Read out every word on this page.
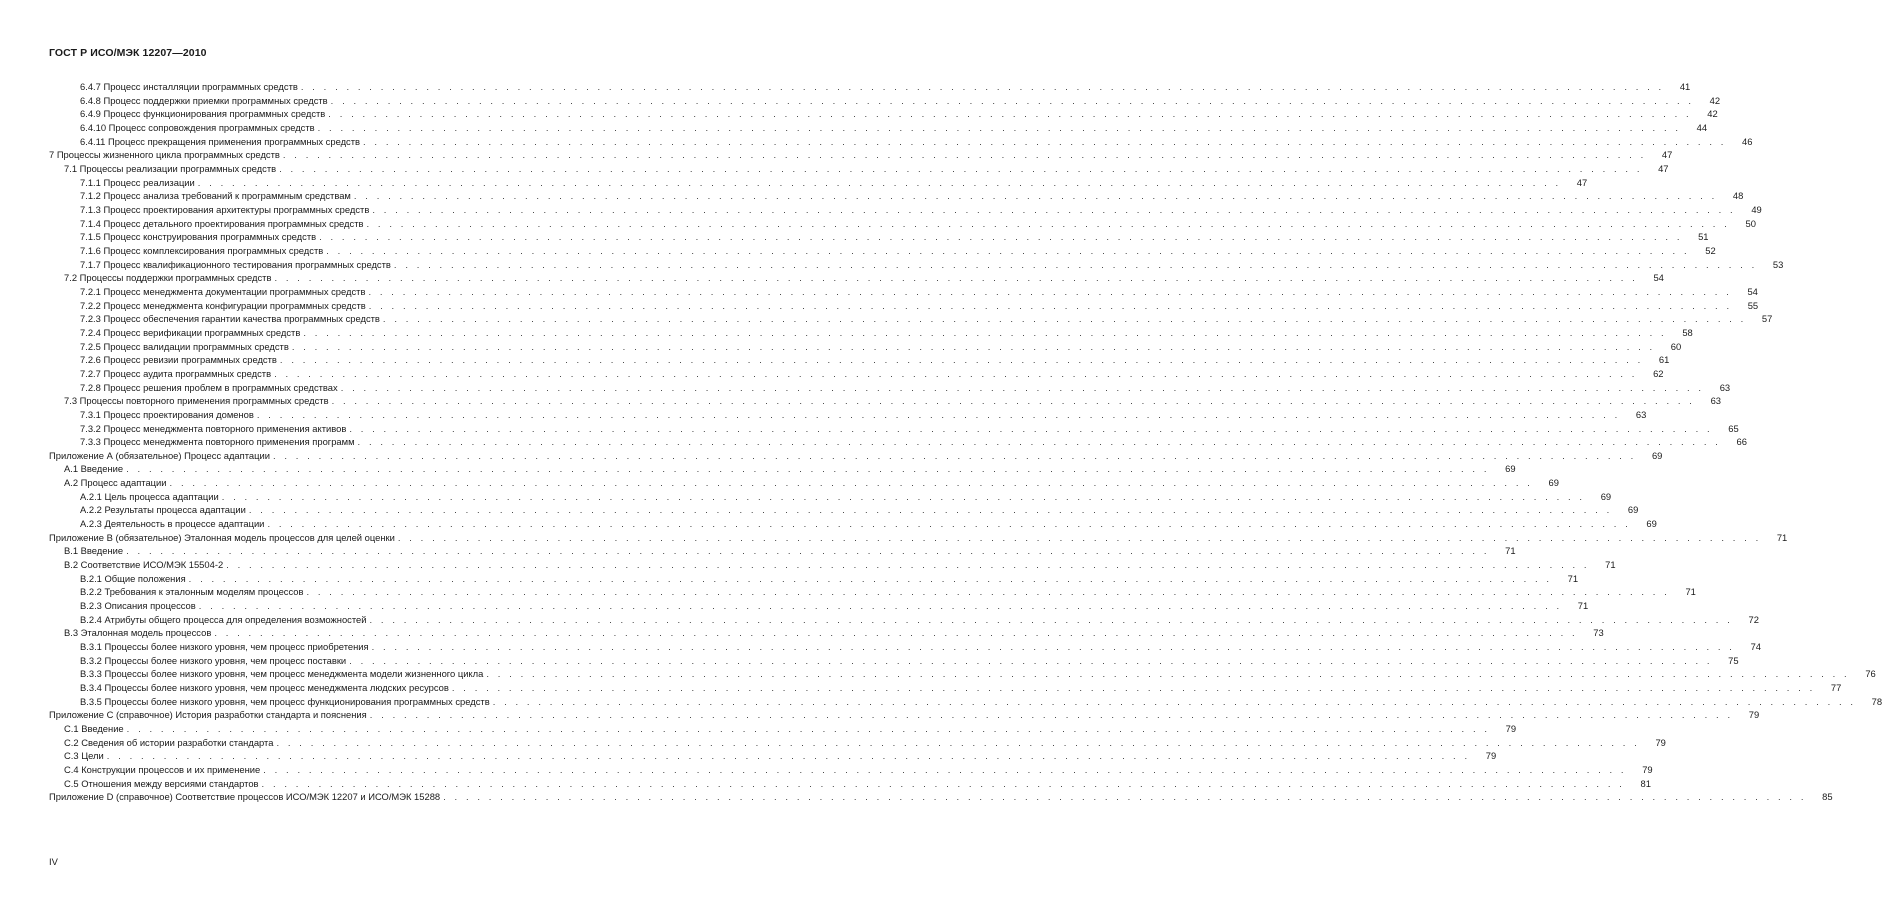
ГОСТ Р ИСО/МЭК 12207—2010
6.4.7 Процесс инсталляции программных средств . . . . . . . . . . . . . . . . . . . . . . . . . . . . . . . . . . . . . . . . . . . . . . . . . . . . . . . . . . . . . . . . . . . . . . . . . . . . . . . . . . . . . . . . . . . . . . . . . . . . . . . . . . . . . . . . . . . . . . . .	41
6.4.8 Процесс поддержки приемки программных средств . . . . . . . . . . . . . . . . . . . . . . . . . . . . . . . . . . . . . . . . . . . . . . . . . . . . . . . . . . . . . . . . . . . . . . . . . . . . . . . . . . . . . . . . . . . . . . . . . . . . . . . . . . . . . . . . . . . . . . . .	42
6.4.9 Процесс функционирования программных средств . . . . . . . . . . . . . . . . . . . . . . . . . . . . . . . . . . . . . . . . . . . . . . . . . . . . . . . . . . . . . . . . . . . . . . . . . . . . . . . . . . . . . . . . . . . . . . . . . . . . . . . . . . . . . . . . . . . . . . . .	42
6.4.10 Процесс сопровождения программных средств . . . . . . . . . . . . . . . . . . . . . . . . . . . . . . . . . . . . . . . . . . . . . . . . . . . . . . . . . . . . . . . . . . . . . . . . . . . . . . . . . . . . . . . . . . . . . . . . . . . . . . . . . . . . . . . . . . . . . . . .	44
6.4.11 Процесс прекращения применения программных средств . . . . . . . . . . . . . . . . . . . . . . . . . . . . . . . . . . . . . . . . . . . . . . . . . . . . . . . . . . . . . . . . . . . . . . . . . . . . . . . . . . . . . . . . . . . . . . . . . . . . . . . . . . . . . . . . . . . . . . . .	46
7 Процессы жизненного цикла программных средств . . . . . . . . . . . . . . . . . . . . . . . . . . . . . . . . . . . . . . . . . . . . . . . . . . . . . . . . . . . . . . . . . . . . . . . . . . . . . . . . . . . . . . . . . . . . . . . . . . . . . . . . . . . . . . . . . . . . . . . .	47
7.1 Процессы реализации программных средств . . . . . . . . . . . . . . . . . . . . . . . . . . . . . . . . . . . . . . . . . . . . . . . . . . . . . . . . . . . . . . . . . . . . . . . . . . . . . . . . . . . . . . . . . . . . . . . . . . . . . . . . . . . . . . . . . . . . . . . .	47
7.1.1 Процесс реализации . . . . . . . . . . . . . . . . . . . . . . . . . . . . . . . . . . . . . . . . . . . . . . . . . . . . . . . . . . . . . . . . . . . . . . . . . . . . . . . . . . . . . . . . . . . . . . . . . . . . . . . . . . . . . . . . . . . . . . . .	47
7.1.2 Процесс анализа требований к программным средствам . . . . . . . . . . . . . . . . . . . . . . . . . . . . . . . . . . . . . . . . . . . . . . . . . . . . . . . . . . . . . . . . . . . . . . . . . . . . . . . . . . . . . . . . . . . . . . . . . . . . . . . . . . . . . . . . . . . . . . . .	48
7.1.3 Процесс проектирования архитектуры программных средств . . . . . . . . . . . . . . . . . . . . . . . . . . . . . . . . . . . . . . . . . . . . . . . . . . . . . . . . . . . . . . . . . . . . . . . . . . . . . . . . . . . . . . . . . . . . . . . . . . . . . . . . . . . . . . . . . . . . . . . .	49
7.1.4 Процесс детального проектирования программных средств . . . . . . . . . . . . . . . . . . . . . . . . . . . . . . . . . . . . . . . . . . . . . . . . . . . . . . . . . . . . . . . . . . . . . . . . . . . . . . . . . . . . . . . . . . . . . . . . . . . . . . . . . . . . . . . . . . . . . . . .	50
7.1.5 Процесс конструирования программных средств . . . . . . . . . . . . . . . . . . . . . . . . . . . . . . . . . . . . . . . . . . . . . . . . . . . . . . . . . . . . . . . . . . . . . . . . . . . . . . . . . . . . . . . . . . . . . . . . . . . . . . . . . . . . . . . . . . . . . . . .	51
7.1.6 Процесс комплексирования программных средств . . . . . . . . . . . . . . . . . . . . . . . . . . . . . . . . . . . . . . . . . . . . . . . . . . . . . . . . . . . . . . . . . . . . . . . . . . . . . . . . . . . . . . . . . . . . . . . . . . . . . . . . . . . . . . . . . . . . . . . .	52
7.1.7 Процесс квалификационного тестирования программных средств . . . . . . . . . . . . . . . . . . . . . . . . . . . . . . . . . . . . . . . . . . . . . . . . . . . . . . . . . . . . . . . . . . . . . . . . . . . . . . . . . . . . . . . . . . . . . . . . . . . . . . . . . . . . . . . . . . . . . . . .	53
7.2 Процессы поддержки программных средств . . . . . . . . . . . . . . . . . . . . . . . . . . . . . . . . . . . . . . . . . . . . . . . . . . . . . . . . . . . . . . . . . . . . . . . . . . . . . . . . . . . . . . . . . . . . . . . . . . . . . . . . . . . . . . . . . . . . . . . .	54
7.2.1 Процесс менеджмента документации программных средств . . . . . . . . . . . . . . . . . . . . . . . . . . . . . . . . . . . . . . . . . . . . . . . . . . . . . . . . . . . . . . . . . . . . . . . . . . . . . . . . . . . . . . . . . . . . . . . . . . . . . . . . . . . . . . . . . . . . . . . .	54
7.2.2 Процесс менеджмента конфигурации программных средств . . . . . . . . . . . . . . . . . . . . . . . . . . . . . . . . . . . . . . . . . . . . . . . . . . . . . . . . . . . . . . . . . . . . . . . . . . . . . . . . . . . . . . . . . . . . . . . . . . . . . . . . . . . . . . . . . . . . . . . .	55
7.2.3 Процесс обеспечения гарантии качества программных средств . . . . . . . . . . . . . . . . . . . . . . . . . . . . . . . . . . . . . . . . . . . . . . . . . . . . . . . . . . . . . . . . . . . . . . . . . . . . . . . . . . . . . . . . . . . . . . . . . . . . . . . . . . . . . . . . . . . . . . . .	57
7.2.4 Процесс верификации программных средств . . . . . . . . . . . . . . . . . . . . . . . . . . . . . . . . . . . . . . . . . . . . . . . . . . . . . . . . . . . . . . . . . . . . . . . . . . . . . . . . . . . . . . . . . . . . . . . . . . . . . . . . . . . . . . . . . . . . . . . .	58
7.2.5 Процесс валидации программных средств . . . . . . . . . . . . . . . . . . . . . . . . . . . . . . . . . . . . . . . . . . . . . . . . . . . . . . . . . . . . . . . . . . . . . . . . . . . . . . . . . . . . . . . . . . . . . . . . . . . . . . . . . . . . . . . . . . . . . . . .	60
7.2.6 Процесс ревизии программных средств . . . . . . . . . . . . . . . . . . . . . . . . . . . . . . . . . . . . . . . . . . . . . . . . . . . . . . . . . . . . . . . . . . . . . . . . . . . . . . . . . . . . . . . . . . . . . . . . . . . . . . . . . . . . . . . . . . . . . . . .	61
7.2.7 Процесс аудита программных средств . . . . . . . . . . . . . . . . . . . . . . . . . . . . . . . . . . . . . . . . . . . . . . . . . . . . . . . . . . . . . . . . . . . . . . . . . . . . . . . . . . . . . . . . . . . . . . . . . . . . . . . . . . . . . . . . . . . . . . . .	62
7.2.8 Процесс решения проблем в программных средствах . . . . . . . . . . . . . . . . . . . . . . . . . . . . . . . . . . . . . . . . . . . . . . . . . . . . . . . . . . . . . . . . . . . . . . . . . . . . . . . . . . . . . . . . . . . . . . . . . . . . . . . . . . . . . . . . . . . . . . . .	63
7.3 Процессы повторного применения программных средств . . . . . . . . . . . . . . . . . . . . . . . . . . . . . . . . . . . . . . . . . . . . . . . . . . . . . . . . . . . . . . . . . . . . . . . . . . . . . . . . . . . . . . . . . . . . . . . . . . . . . . . . . . . . . . . . . . . . . . . .	63
7.3.1 Процесс проектирования доменов . . . . . . . . . . . . . . . . . . . . . . . . . . . . . . . . . . . . . . . . . . . . . . . . . . . . . . . . . . . . . . . . . . . . . . . . . . . . . . . . . . . . . . . . . . . . . . . . . . . . . . . . . . . . . . . . . . . . . . . .	63
7.3.2 Процесс менеджмента повторного применения активов . . . . . . . . . . . . . . . . . . . . . . . . . . . . . . . . . . . . . . . . . . . . . . . . . . . . . . . . . . . . . . . . . . . . . . . . . . . . . . . . . . . . . . . . . . . . . . . . . . . . . . . . . . . . . . . . . . . . . . . .	65
7.3.3 Процесс менеджмента повторного применения программ . . . . . . . . . . . . . . . . . . . . . . . . . . . . . . . . . . . . . . . . . . . . . . . . . . . . . . . . . . . . . . . . . . . . . . . . . . . . . . . . . . . . . . . . . . . . . . . . . . . . . . . . . . . . . . . . . . . . . . . .	66
Приложение А (обязательное) Процесс адаптации . . . . . . . . . . . . . . . . . . . . . . . . . . . . . . . . . . . . . . . . . . . . . . . . . . . . . . . . . . . . . . . . . . . . . . . . . . . . . . . . . . . . . . . . . . . . . . . . . . . . . . . . . . . . . . . . . . . . . . . .	69
А.1 Введение . . . . . . . . . . . . . . . . . . . . . . . . . . . . . . . . . . . . . . . . . . . . . . . . . . . . . . . . . . . . . . . . . . . . . . . . . . . . . . . . . . . . . . . . . . . . . . . . . . . . . . . . . . . . . . . . . . . . . . . .	69
А.2 Процесс адаптации . . . . . . . . . . . . . . . . . . . . . . . . . . . . . . . . . . . . . . . . . . . . . . . . . . . . . . . . . . . . . . . . . . . . . . . . . . . . . . . . . . . . . . . . . . . . . . . . . . . . . . . . . . . . . . . . . . . . . . . .	69
А.2.1 Цель процесса адаптации . . . . . . . . . . . . . . . . . . . . . . . . . . . . . . . . . . . . . . . . . . . . . . . . . . . . . . . . . . . . . . . . . . . . . . . . . . . . . . . . . . . . . . . . . . . . . . . . . . . . . . . . . . . . . . . . . . . . . . . .	69
А.2.2 Результаты процесса адаптации . . . . . . . . . . . . . . . . . . . . . . . . . . . . . . . . . . . . . . . . . . . . . . . . . . . . . . . . . . . . . . . . . . . . . . . . . . . . . . . . . . . . . . . . . . . . . . . . . . . . . . . . . . . . . . . . . . . . . . . .	69
А.2.3 Деятельность в процессе адаптации . . . . . . . . . . . . . . . . . . . . . . . . . . . . . . . . . . . . . . . . . . . . . . . . . . . . . . . . . . . . . . . . . . . . . . . . . . . . . . . . . . . . . . . . . . . . . . . . . . . . . . . . . . . . . . . . . . . . . . . .	69
Приложение В (обязательное) Эталонная модель процессов для целей оценки . . . . . . . . . . . . . . . . . . . . . . . . . . . . . . . . . . . . . . . . . . . . . . . . . . . . . . . . . . . . . . . . . . . . . . . . . . . . . . . . . . . . . . . . . . . . . . . . . . . . . . . . . . . . . . . . . . . . . . . .	71
В.1 Введение . . . . . . . . . . . . . . . . . . . . . . . . . . . . . . . . . . . . . . . . . . . . . . . . . . . . . . . . . . . . . . . . . . . . . . . . . . . . . . . . . . . . . . . . . . . . . . . . . . . . . . . . . . . . . . . . . . . . . . . .	71
В.2 Соответствие ИСО/МЭК 15504-2 . . . . . . . . . . . . . . . . . . . . . . . . . . . . . . . . . . . . . . . . . . . . . . . . . . . . . . . . . . . . . . . . . . . . . . . . . . . . . . . . . . . . . . . . . . . . . . . . . . . . . . . . . . . . . . . . . . . . . . . .	71
В.2.1 Общие положения . . . . . . . . . . . . . . . . . . . . . . . . . . . . . . . . . . . . . . . . . . . . . . . . . . . . . . . . . . . . . . . . . . . . . . . . . . . . . . . . . . . . . . . . . . . . . . . . . . . . . . . . . . . . . . . . . . . . . . . .	71
В.2.2 Требования к эталонным моделям процессов . . . . . . . . . . . . . . . . . . . . . . . . . . . . . . . . . . . . . . . . . . . . . . . . . . . . . . . . . . . . . . . . . . . . . . . . . . . . . . . . . . . . . . . . . . . . . . . . . . . . . . . . . . . . . . . . . . . . . . . .	71
В.2.3 Описания процессов . . . . . . . . . . . . . . . . . . . . . . . . . . . . . . . . . . . . . . . . . . . . . . . . . . . . . . . . . . . . . . . . . . . . . . . . . . . . . . . . . . . . . . . . . . . . . . . . . . . . . . . . . . . . . . . . . . . . . . . .	71
В.2.4 Атрибуты общего процесса для определения возможностей . . . . . . . . . . . . . . . . . . . . . . . . . . . . . . . . . . . . . . . . . . . . . . . . . . . . . . . . . . . . . . . . . . . . . . . . . . . . . . . . . . . . . . . . . . . . . . . . . . . . . . . . . . . . . . . . . . . . . . . .	72
В.3 Эталонная модель процессов . . . . . . . . . . . . . . . . . . . . . . . . . . . . . . . . . . . . . . . . . . . . . . . . . . . . . . . . . . . . . . . . . . . . . . . . . . . . . . . . . . . . . . . . . . . . . . . . . . . . . . . . . . . . . . . . . . . . . . . .	73
В.3.1 Процессы более низкого уровня, чем процесс приобретения . . . . . . . . . . . . . . . . . . . . . . . . . . . . . . . . . . . . . . . . . . . . . . . . . . . . . . . . . . . . . . . . . . . . . . . . . . . . . . . . . . . . . . . . . . . . . . . . . . . . . . . . . . . . . . . . . . . . . . . .	74
В.3.2 Процессы более низкого уровня, чем процесс поставки . . . . . . . . . . . . . . . . . . . . . . . . . . . . . . . . . . . . . . . . . . . . . . . . . . . . . . . . . . . . . . . . . . . . . . . . . . . . . . . . . . . . . . . . . . . . . . . . . . . . . . . . . . . . . . . . . . . . . . . .	75
В.3.3 Процессы более низкого уровня, чем процесс менеджмента модели жизненного цикла . . . . . . . . . . . . . . . . . . . . . . . . . . . . . . . . . . . . . . . . . . . . . . . . . . . . . . . . . . . . . . . . . . . . . . . . . . . . . . . . . . . . . . . . . . . . . . . . . . . . . . . . . . . . . . . . . . . . . . . .	76
В.3.4 Процессы более низкого уровня, чем процесс менеджмента людских ресурсов . . . . . . . . . . . . . . . . . . . . . . . . . . . . . . . . . . . . . . . . . . . . . . . . . . . . . . . . . . . . . . . . . . . . . . . . . . . . . . . . . . . . . . . . . . . . . . . . . . . . . . . . . . . . . . . . . . . . . . . .	77
В.3.5 Процессы более низкого уровня, чем процесс функционирования программных средств . . . . . . . . . . . . . . . . . . . . . . . . . . . . . . . . . . . . . . . . . . . . . . . . . . . . . . . . . . . . . . . . . . . . . . . . . . . . . . . . . . . . . . . . . . . . . . . . . . . . . . . . . . . . . . . . . . . . . . . .	78
Приложение С (справочное) История разработки стандарта и пояснения . . . . . . . . . . . . . . . . . . . . . . . . . . . . . . . . . . . . . . . . . . . . . . . . . . . . . . . . . . . . . . . . . . . . . . . . . . . . . . . . . . . . . . . . . . . . . . . . . . . . . . . . . . . . . . . . . . . . . . . .	79
С.1 Введение . . . . . . . . . . . . . . . . . . . . . . . . . . . . . . . . . . . . . . . . . . . . . . . . . . . . . . . . . . . . . . . . . . . . . . . . . . . . . . . . . . . . . . . . . . . . . . . . . . . . . . . . . . . . . . . . . . . . . . . .	79
С.2 Сведения об истории разработки стандарта . . . . . . . . . . . . . . . . . . . . . . . . . . . . . . . . . . . . . . . . . . . . . . . . . . . . . . . . . . . . . . . . . . . . . . . . . . . . . . . . . . . . . . . . . . . . . . . . . . . . . . . . . . . . . . . . . . . . . . . .	79
С.3 Цели . . . . . . . . . . . . . . . . . . . . . . . . . . . . . . . . . . . . . . . . . . . . . . . . . . . . . . . . . . . . . . . . . . . . . . . . . . . . . . . . . . . . . . . . . . . . . . . . . . . . . . . . . . . . . . . . . . . . . . . .	79
С.4 Конструкции процессов и их применение . . . . . . . . . . . . . . . . . . . . . . . . . . . . . . . . . . . . . . . . . . . . . . . . . . . . . . . . . . . . . . . . . . . . . . . . . . . . . . . . . . . . . . . . . . . . . . . . . . . . . . . . . . . . . . . . . . . . . . . .	79
С.5 Отношения между версиями стандартов . . . . . . . . . . . . . . . . . . . . . . . . . . . . . . . . . . . . . . . . . . . . . . . . . . . . . . . . . . . . . . . . . . . . . . . . . . . . . . . . . . . . . . . . . . . . . . . . . . . . . . . . . . . . . . . . . . . . . . . .	81
Приложение D (справочное) Соответствие процессов ИСО/МЭК 12207 и ИСО/МЭК 15288 . . . . . . . . . . . . . . . . . . . . . . . . . . . . . . . . . . . . . . . . . . . . . . . . . . . . . . . . . . . . . . . . . . . . . . . . . . . . . . . . . . . . . . . . . . . . . . . . . . . . . . . . . . . . . . . . . . . . . . . .	85
IV
